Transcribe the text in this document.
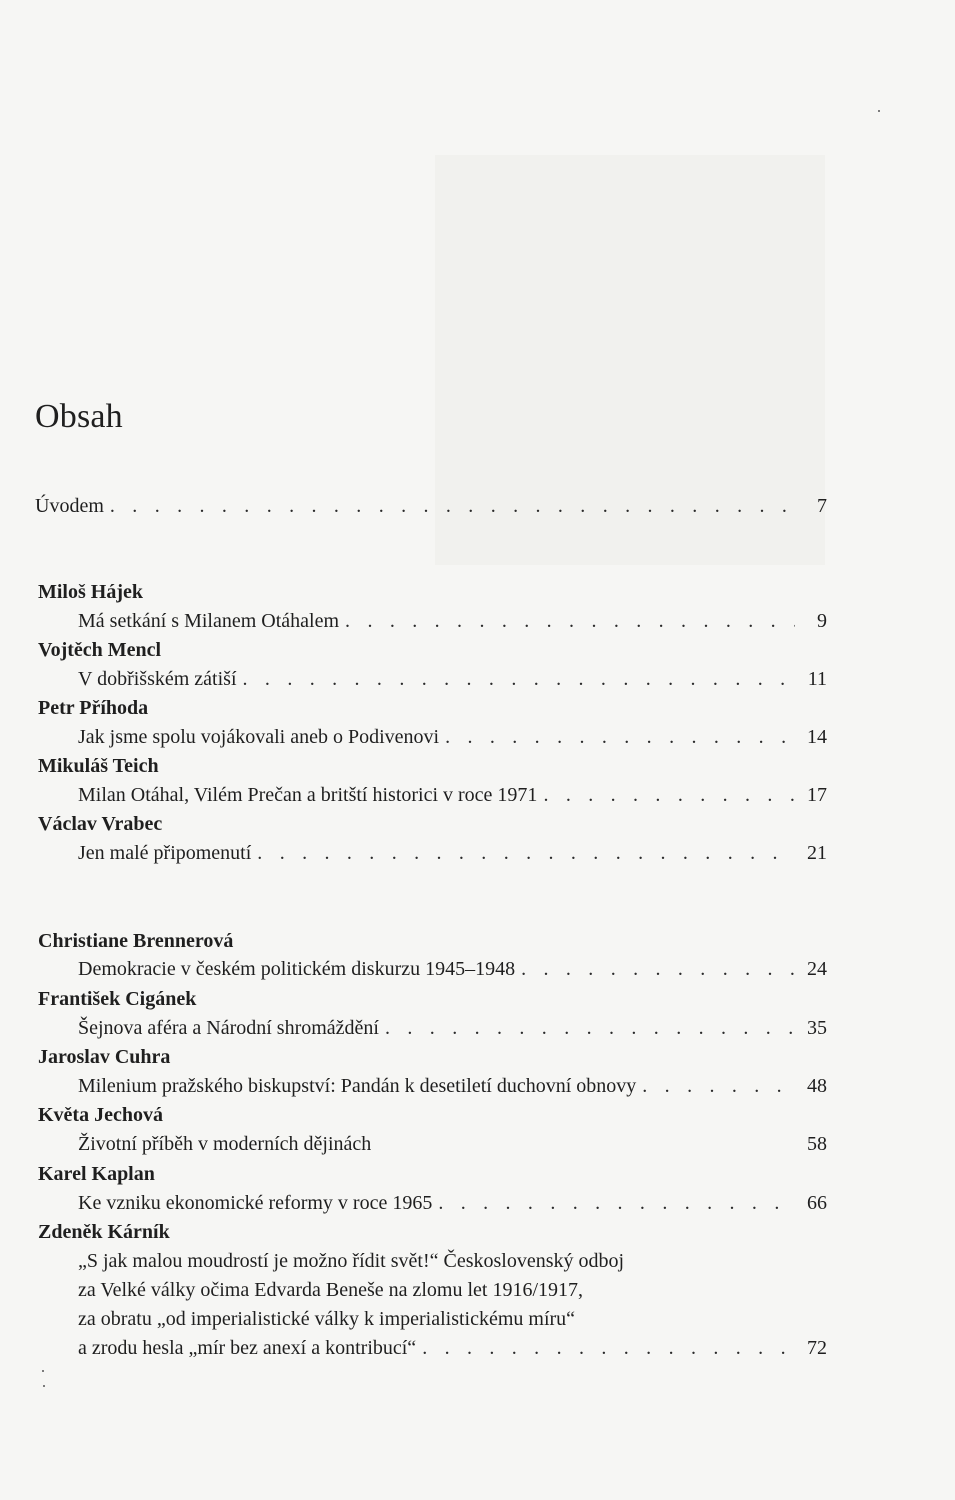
Obsah
Úvodem . . .	7
Miloš Hájek
Má setkání s Milanem Otáhalem . . .	9
Vojtěch Mencl
V dobřišském zátiší . . .	11
Petr Příhoda
Jak jsme spolu vojákovali aneb o Podivenovi . . .	14
Mikuláš Teich
Milan Otáhal, Vilém Prečan a britští historici v roce 1971 . . .	17
Václav Vrabec
Jen malé připomenutí . . .	21
Christiane Brennerová
Demokracie v českém politickém diskurzu 1945–1948 . . .	24
František Cigánek
Šejnova aféra a Národní shromáždění . . .	35
Jaroslav Cuhra
Milenium pražského biskupství: Pandán k desetiletí duchovní obnovy . . .	48
Květa Jechová
Životní příběh v moderních dějinách	58
Karel Kaplan
Ke vzniku ekonomické reformy v roce 1965 . . .	66
Zdeněk Kárník
„S jak malou moudrostí je možno řídit svět!“ Československý odboj
za Velké války očima Edvarda Beneše na zlomu let 1916/1917,
za obratu „od imperialistické války k imperialistickému míru“
a zrodu hesla „mír bez anexí a kontribucí“ . . .	72
